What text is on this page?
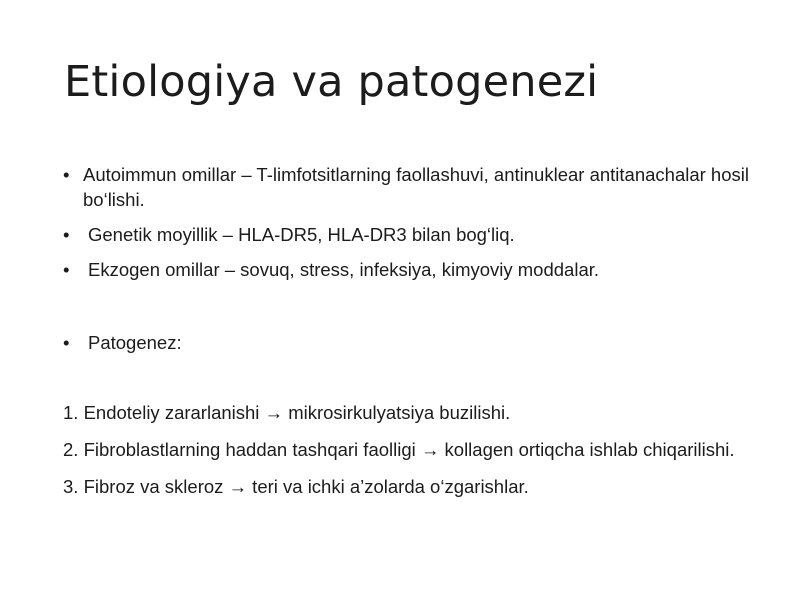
Etiologiya va patogenezi
• Autoimmun omillar – T-limfotsitlarning faollashuvi, antinuklear antitanachalar hosil bo‘lishi.
• Genetik moyillik – HLA-DR5, HLA-DR3 bilan bog‘liq.
• Ekzogen omillar – sovuq, stress, infeksiya, kimyoviy moddalar.
• Patogenez:
1. Endoteliy zararlanishi → mikrosirkulyatsiya buzilishi.
2. Fibroblastlarning haddan tashqari faolligi → kollagen ortiqcha ishlab chiqarilishi.
3. Fibroz va skleroz → teri va ichki a’zolarda o‘zgarishlar.
